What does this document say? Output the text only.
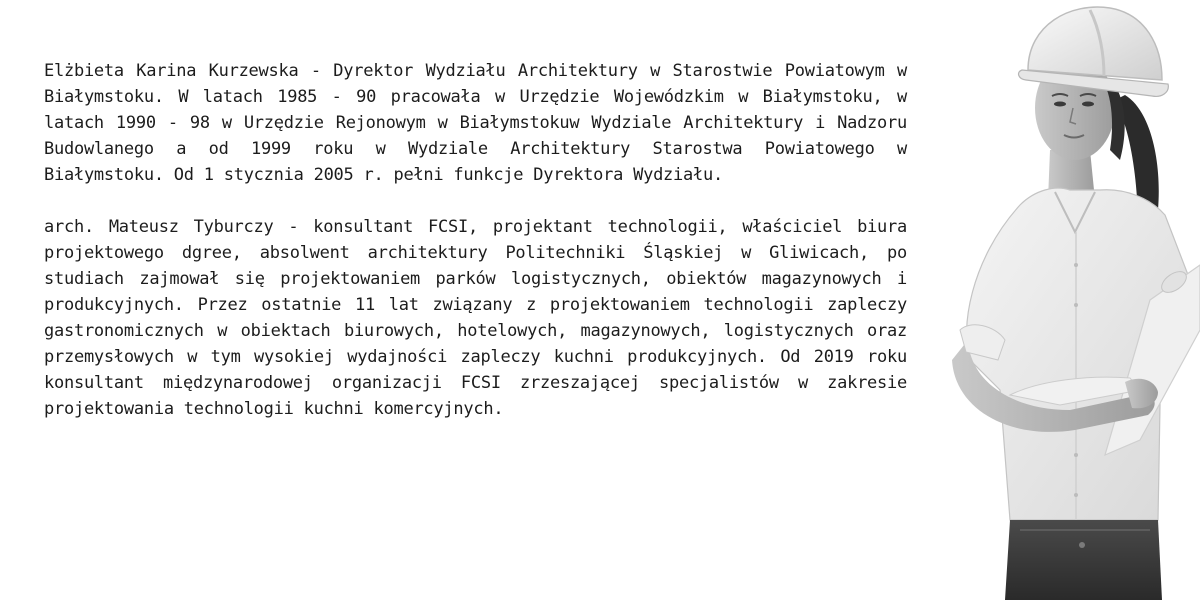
Elżbieta Karina Kurzewska - Dyrektor Wydziału Architektury w Starostwie Powiatowym w Białymstoku. W latach 1985 - 90 pracowała w Urzędzie Wojewódzkim w Białymstoku, w latach 1990 - 98 w Urzędzie Rejonowym w Białymstokuw Wydziale Architektury i Nadzoru Budowlanego a od 1999 roku w Wydziale Architektury Starostwa Powiatowego w Białymstoku. Od 1 stycznia 2005 r. pełni funkcje Dyrektora Wydziału.

arch. Mateusz Tyburczy - konsultant FCSI, projektant technologii, właściciel biura projektowego dgree, absolwent architektury Politechniki Śląskiej w Gliwicach, po studiach zajmował się projektowaniem parków logistycznych, obiektów magazynowych i produkcyjnych. Przez ostatnie 11 lat związany z projektowaniem technologii zapleczy gastronomicznych w obiektach biurowych, hotelowych, magazynowych, logistycznych oraz przemysłowych w tym wysokiej wydajności zapleczy kuchni produkcyjnych. Od 2019 roku konsultant międzynarodowej organizacji FCSI zrzeszającej specjalistów w zakresie projektowania technologii kuchni komercyjnych.
